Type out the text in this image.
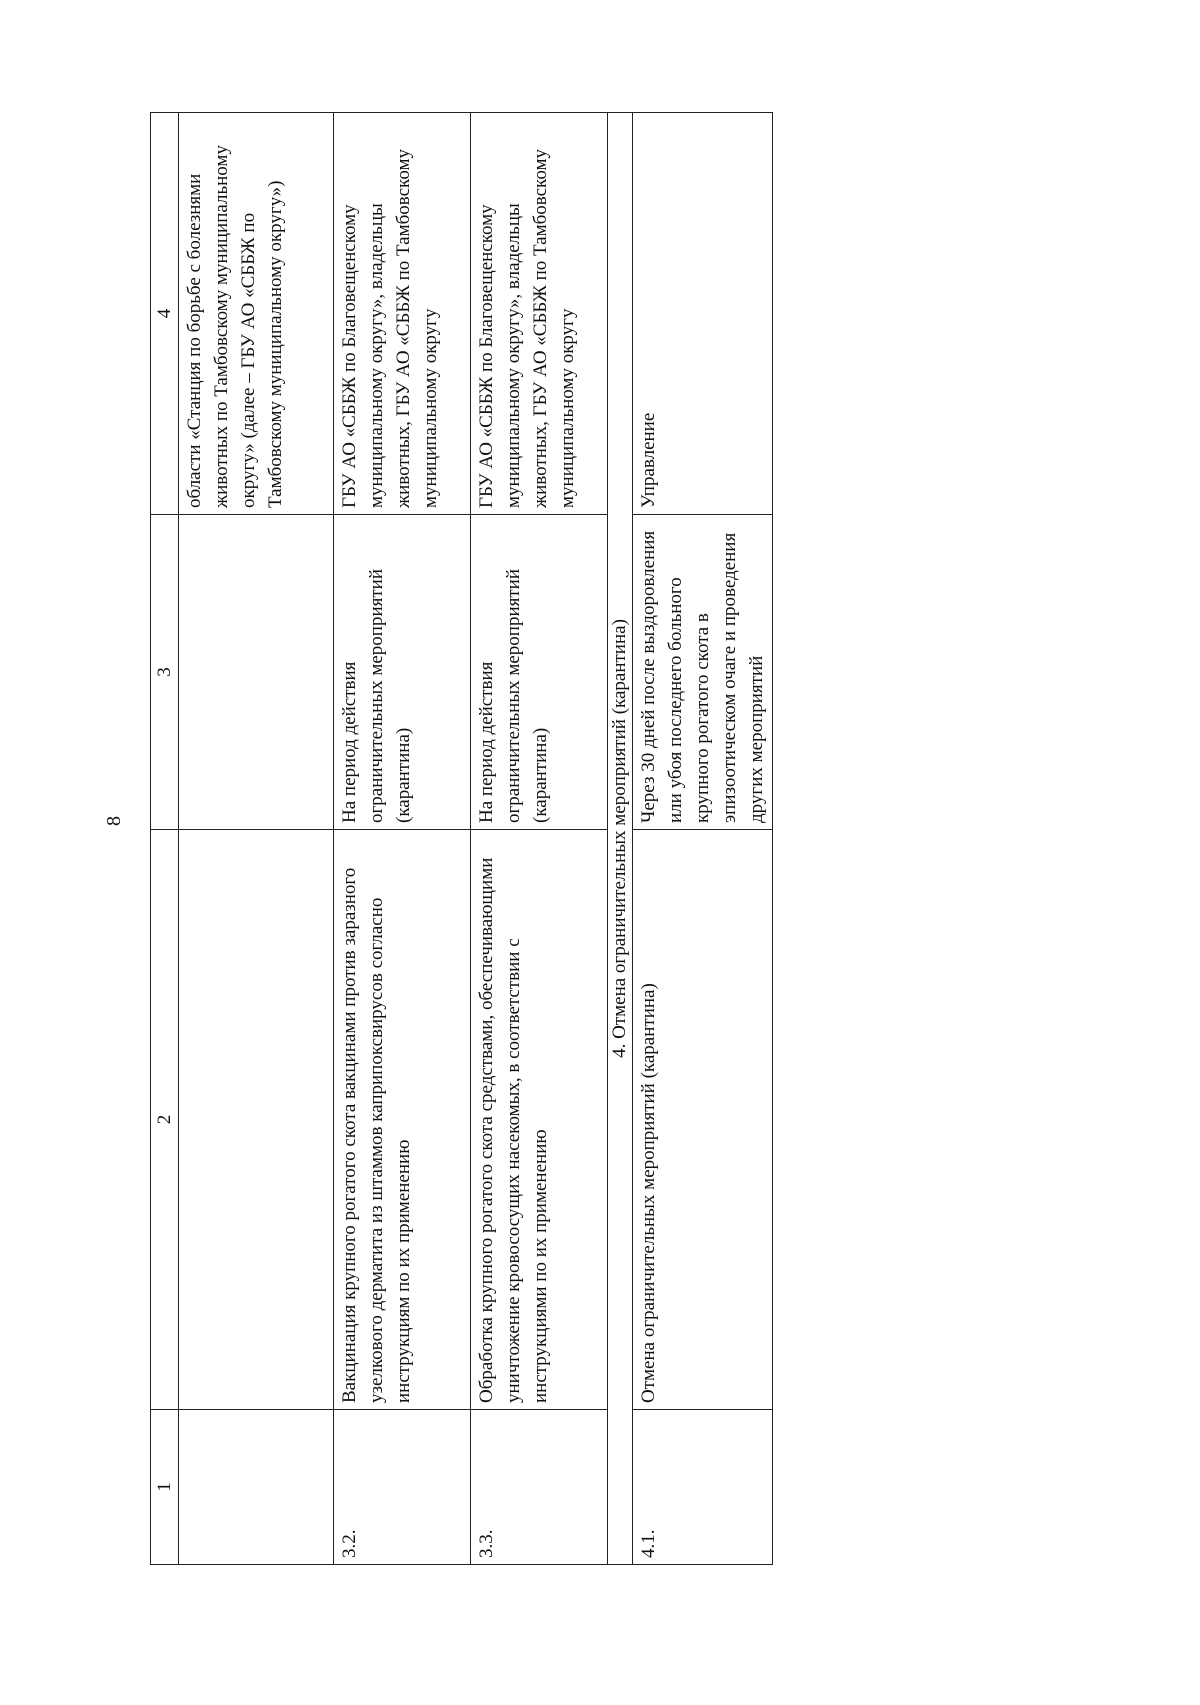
8
1	2	3	4
			области «Станция по борьбе с болезнями животных по Тамбовскому муниципальному округу» (далее – ГБУ АО «СББЖ по Тамбовскому муниципальному округу»)
3.2.	Вакцинация крупного рогатого скота вакцинами против заразного узелкового дерматита из штаммов каприпоксвирусов согласно инструкциям по их применению	На период действия ограничительных мероприятий (карантина)	ГБУ АО «СББЖ по Благовещенскому муниципальному округу», владельцы животных, ГБУ АО «СББЖ по Тамбовскому муниципальному округу
3.3.	Обработка крупного рогатого скота средствами, обеспечивающими уничтожение кровососущих насекомых, в соответствии с инструкциями по их применению	На период действия ограничительных мероприятий (карантина)	ГБУ АО «СББЖ по Благовещенскому муниципальному округу», владельцы животных, ГБУ АО «СББЖ по Тамбовскому муниципальному округу
4. Отмена ограничительных мероприятий (карантина)			
4.1.	Отмена ограничительных мероприятий (карантина)	Через 30 дней после выздоровления или убоя последнего больного крупного рогатого скота в эпизоотическом очаге и проведения других мероприятий	Управление
